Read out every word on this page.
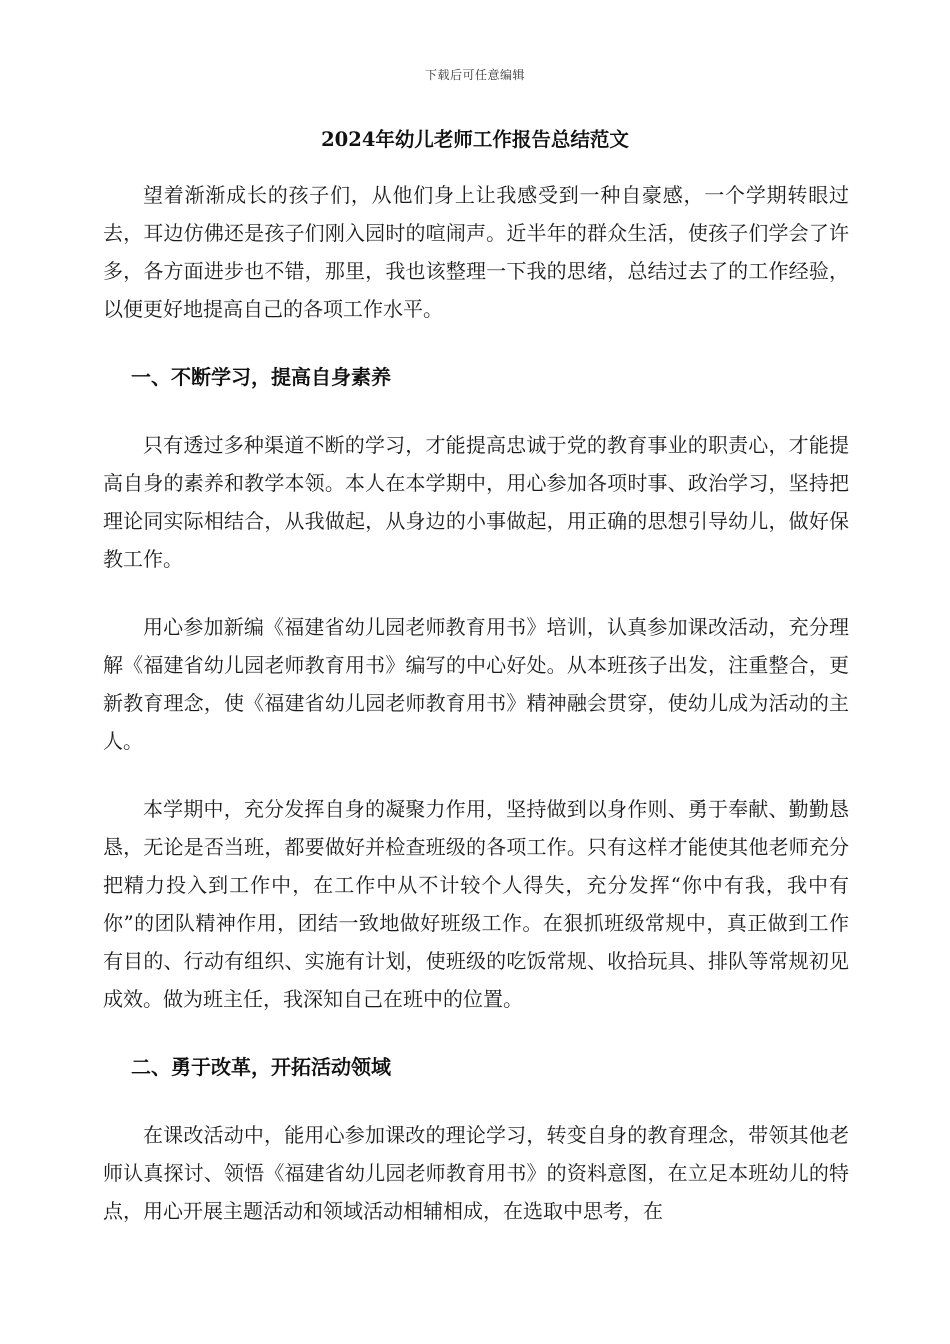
下载后可任意编辑
2024年幼儿老师工作报告总结范文

望着渐渐成长的孩子们，从他们身上让我感受到一种自豪感，一个学期转眼过去，耳边仿佛还是孩子们刚入园时的喧闹声。近半年的群众生活，使孩子们学会了许多，各方面进步也不错，那里，我也该整理一下我的思绪，总结过去了的工作经验，以便更好地提高自己的各项工作水平。

一、不断学习，提高自身素养

只有透过多种渠道不断的学习，才能提高忠诚于党的教育事业的职责心，才能提高自身的素养和教学本领。本人在本学期中，用心参加各项时事、政治学习，坚持把理论同实际相结合，从我做起，从身边的小事做起，用正确的思想引导幼儿，做好保教工作。

用心参加新编《福建省幼儿园老师教育用书》培训，认真参加课改活动，充分理解《福建省幼儿园老师教育用书》编写的中心好处。从本班孩子出发，注重整合，更新教育理念，使《福建省幼儿园老师教育用书》精神融会贯穿，使幼儿成为活动的主人。

本学期中，充分发挥自身的凝聚力作用，坚持做到以身作则、勇于奉献、勤勤恳恳，无论是否当班，都要做好并检查班级的各项工作。只有这样才能使其他老师充分把精力投入到工作中，在工作中从不计较个人得失，充分发挥“你中有我，我中有你”的团队精神作用，团结一致地做好班级工作。在狠抓班级常规中，真正做到工作有目的、行动有组织、实施有计划，使班级的吃饭常规、收拾玩具、排队等常规初见成效。做为班主任，我深知自己在班中的位置。

二、勇于改革，开拓活动领域

在课改活动中，能用心参加课改的理论学习，转变自身的教育理念，带领其他老师认真探讨、领悟《福建省幼儿园老师教育用书》的资料意图，在立足本班幼儿的特点，用心开展主题活动和领域活动相辅相成，在选取中思考，在
